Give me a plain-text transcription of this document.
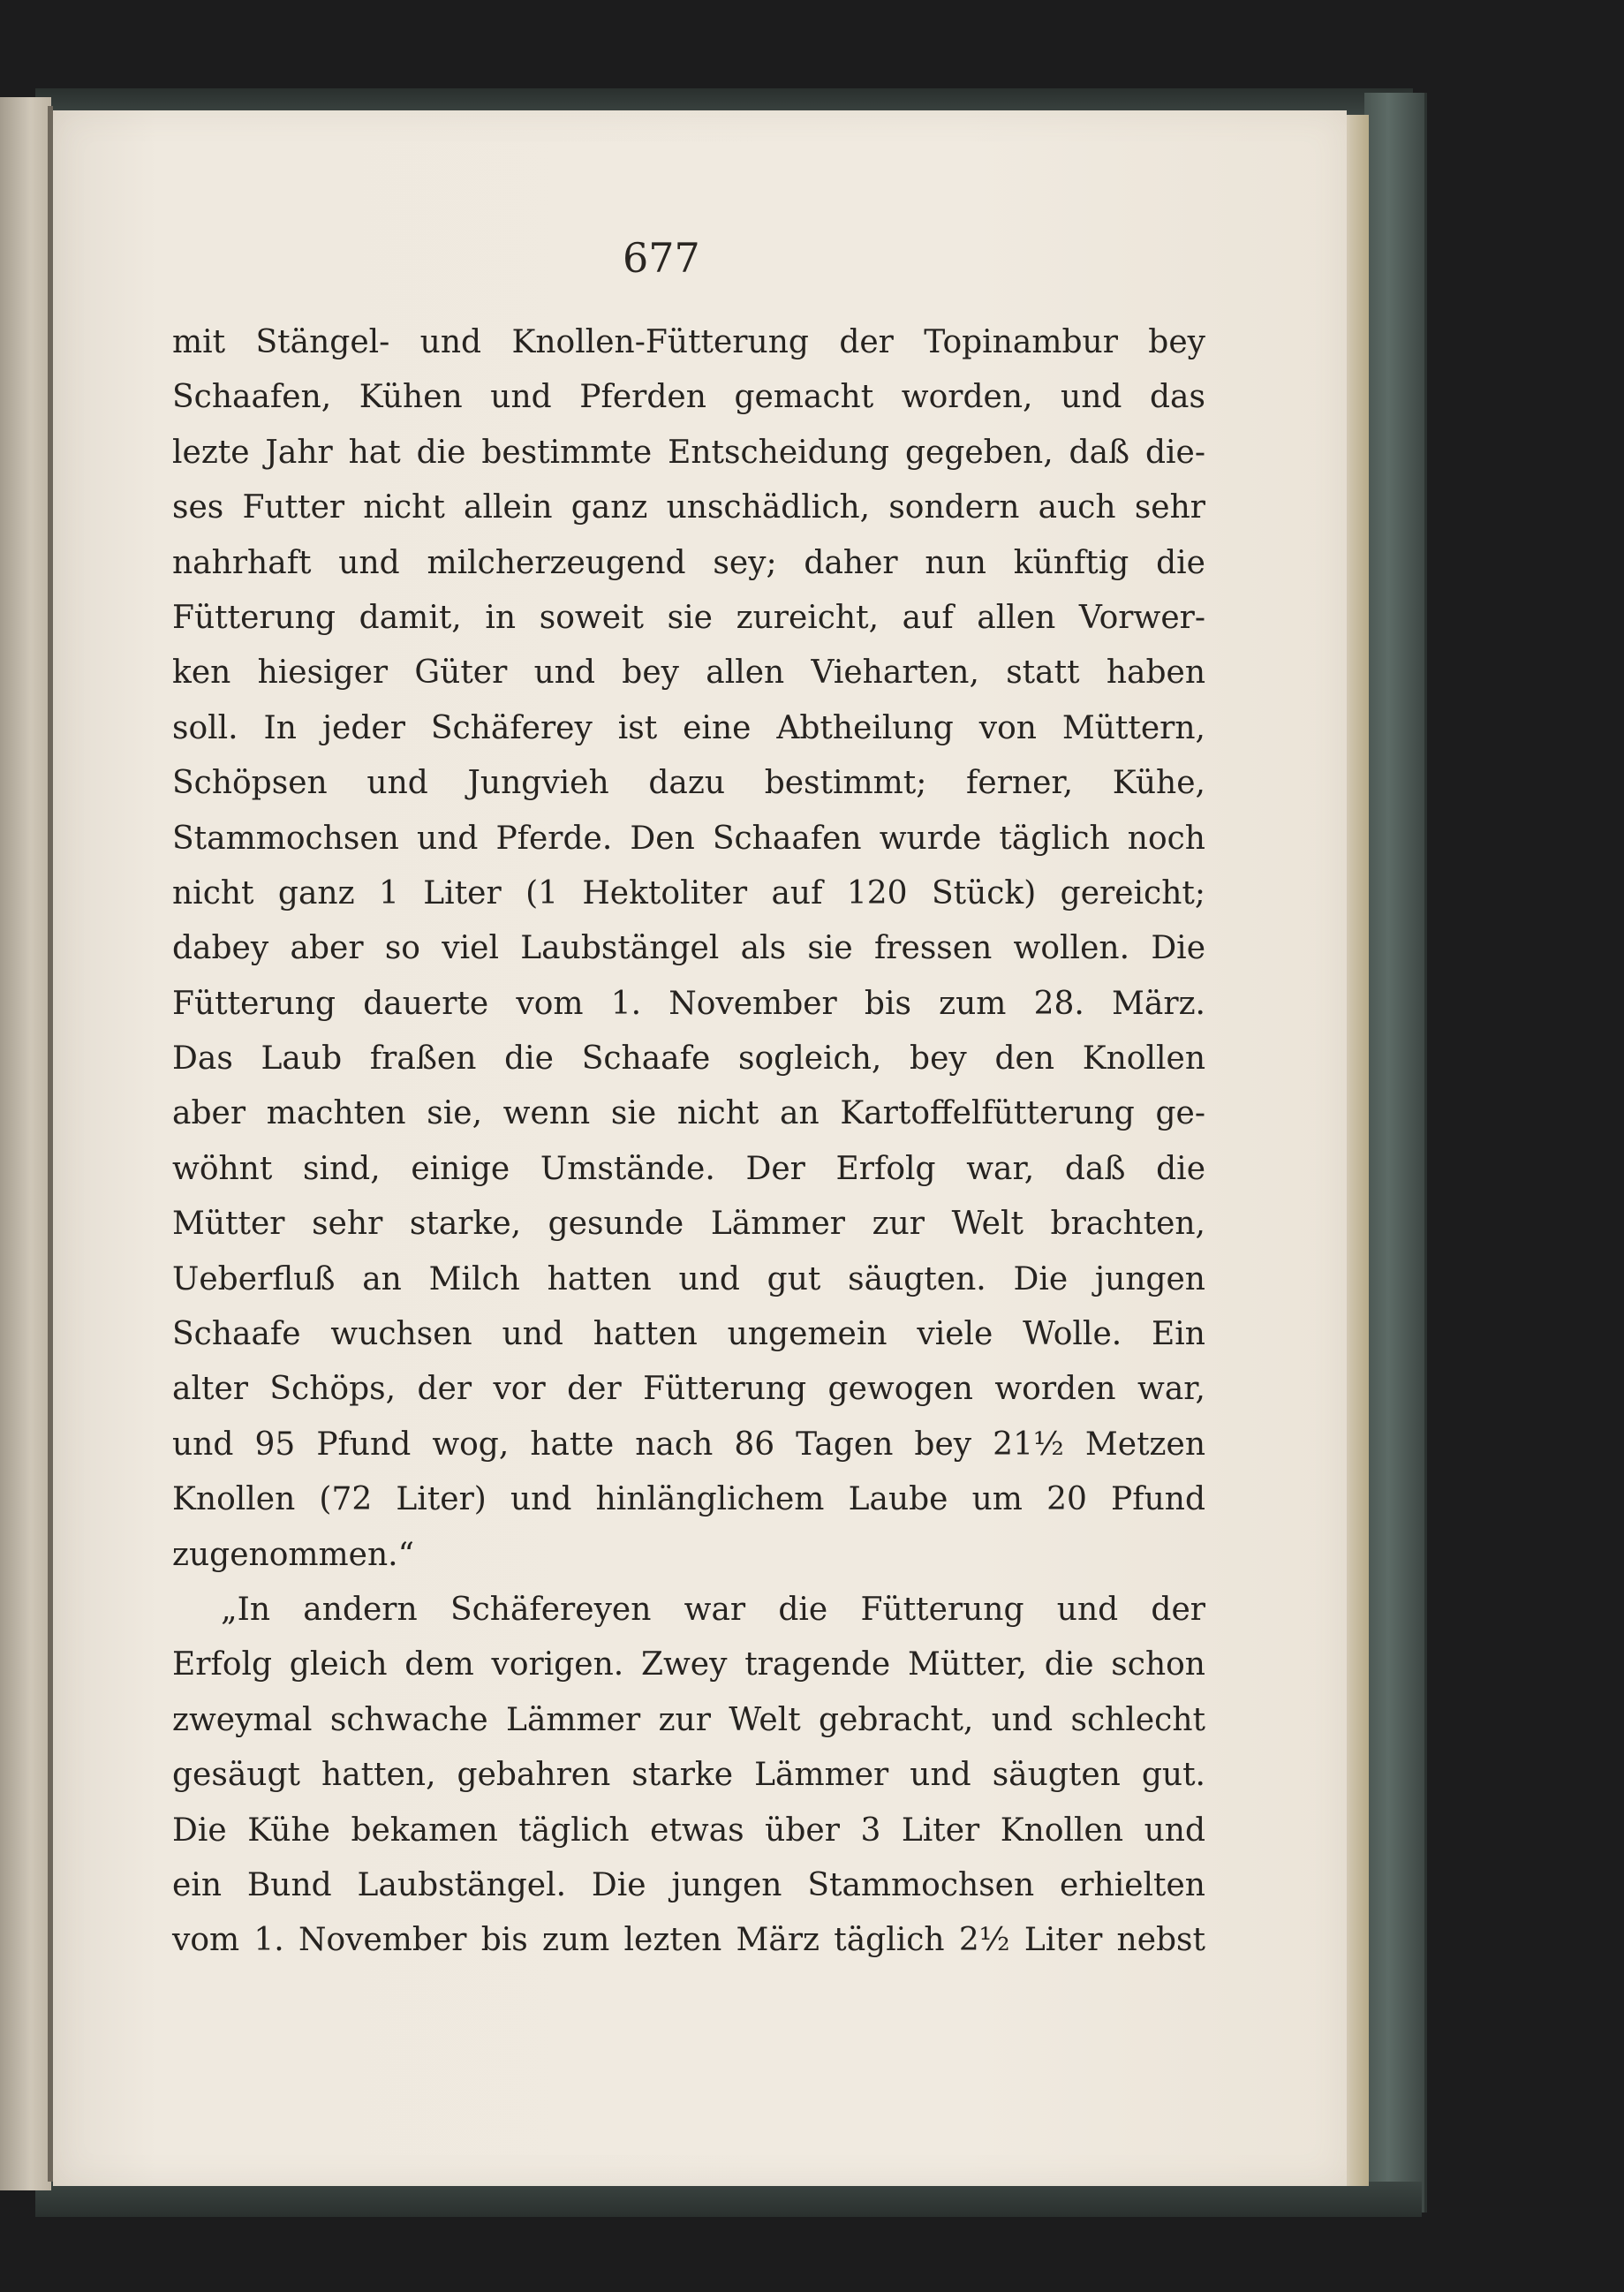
677
mit Stängel- und Knollen-Fütterung der Topinambur bey
Schaafen, Kühen und Pferden gemacht worden, und das
lezte Jahr hat die bestimmte Entscheidung gegeben, daß die-
ses Futter nicht allein ganz unschädlich, sondern auch sehr
nahrhaft und milcherzeugend sey; daher nun künftig die
Fütterung damit, in soweit sie zureicht, auf allen Vorwer-
ken hiesiger Güter und bey allen Vieharten, statt haben
soll. In jeder Schäferey ist eine Abtheilung von Müttern,
Schöpsen und Jungvieh dazu bestimmt; ferner, Kühe,
Stammochsen und Pferde. Den Schaafen wurde täglich noch
nicht ganz 1 Liter (1 Hektoliter auf 120 Stück) gereicht;
dabey aber so viel Laubstängel als sie fressen wollen. Die
Fütterung dauerte vom 1. November bis zum 28. März.
Das Laub fraßen die Schaafe sogleich, bey den Knollen
aber machten sie, wenn sie nicht an Kartoffelfütterung ge-
wöhnt sind, einige Umstände. Der Erfolg war, daß die
Mütter sehr starke, gesunde Lämmer zur Welt brachten,
Ueberfluß an Milch hatten und gut säugten. Die jungen
Schaafe wuchsen und hatten ungemein viele Wolle. Ein
alter Schöps, der vor der Fütterung gewogen worden war,
und 95 Pfund wog, hatte nach 86 Tagen bey 21½ Metzen
Knollen (72 Liter) und hinlänglichem Laube um 20 Pfund
zugenommen.“
„In andern Schäfereyen war die Fütterung und der
Erfolg gleich dem vorigen. Zwey tragende Mütter, die schon
zweymal schwache Lämmer zur Welt gebracht, und schlecht
gesäugt hatten, gebahren starke Lämmer und säugten gut.
Die Kühe bekamen täglich etwas über 3 Liter Knollen und
ein Bund Laubstängel. Die jungen Stammochsen erhielten
vom 1. November bis zum lezten März täglich 2½ Liter nebst
